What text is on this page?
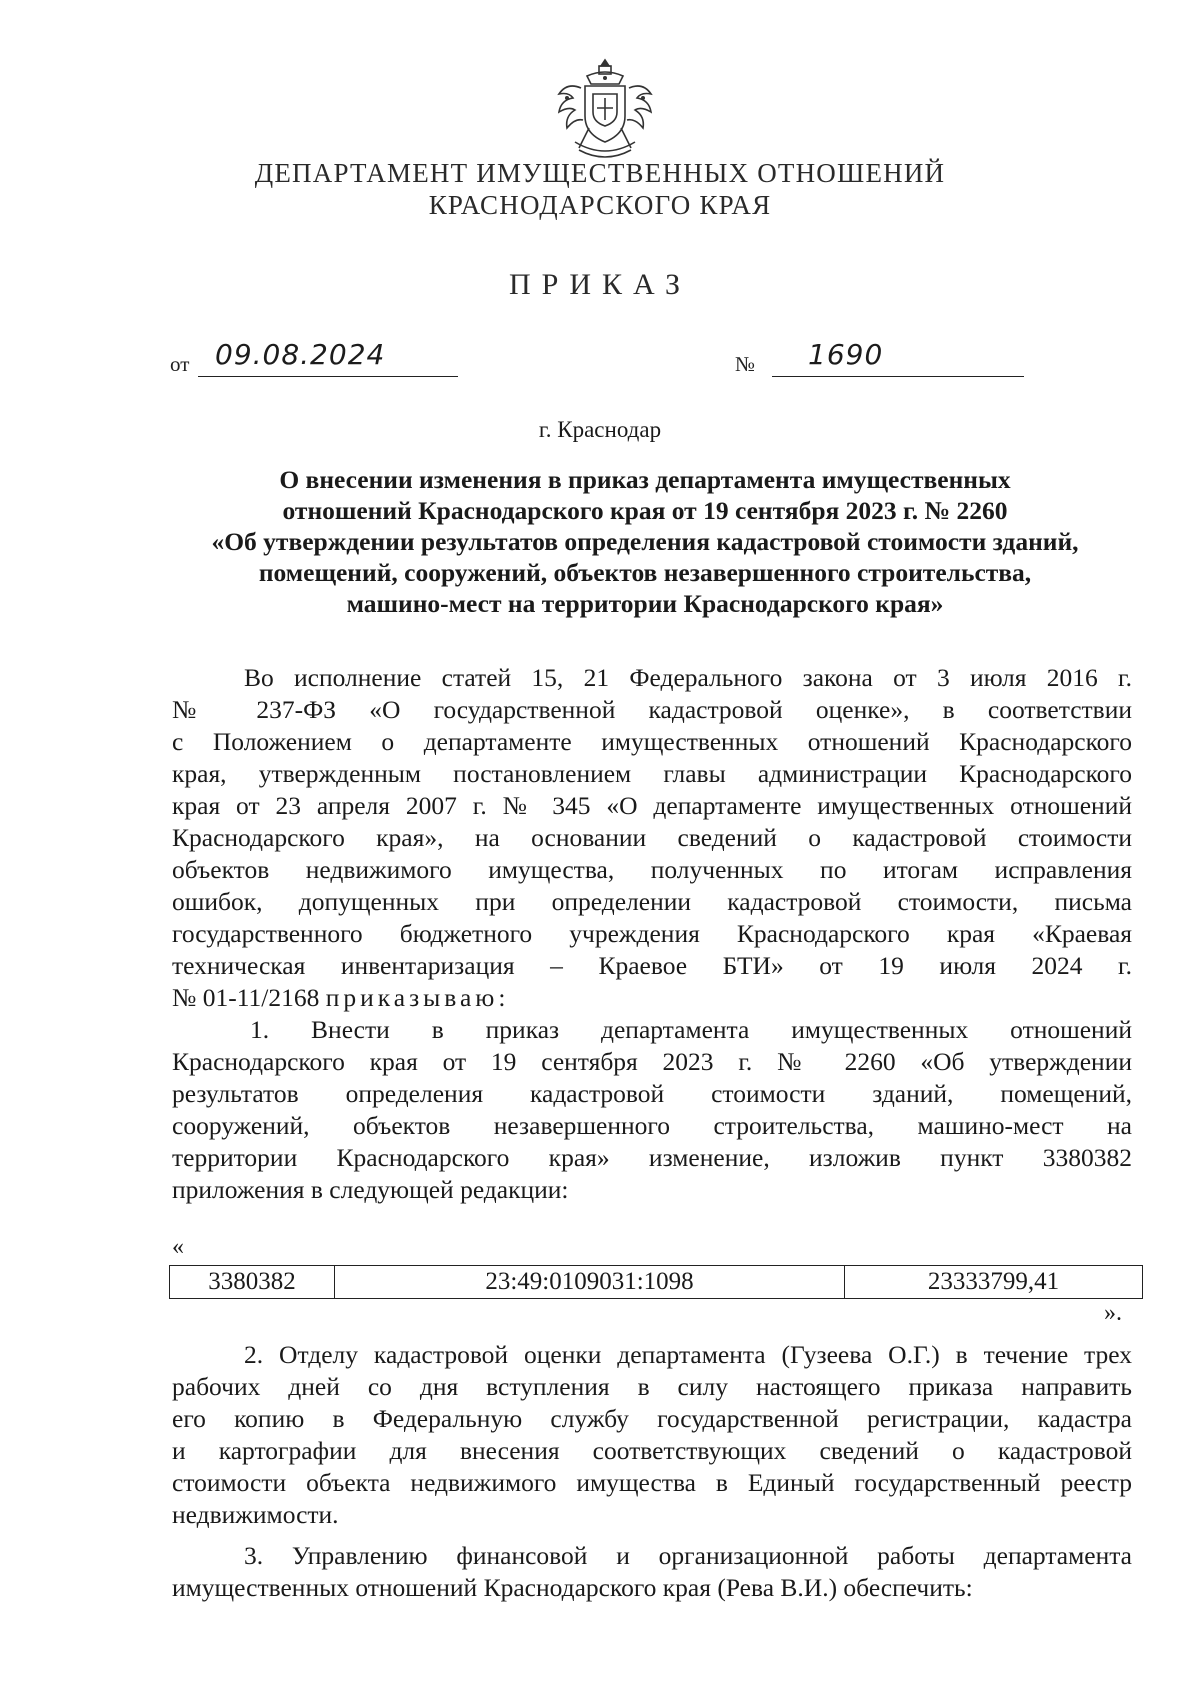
ДЕПАРТАМЕНТ ИМУЩЕСТВЕННЫХ ОТНОШЕНИЙ
КРАСНОДАРСКОГО КРАЯ
ПРИКАЗ
от 09.08.2024	№ 1690
г. Краснодар
О внесении изменения в приказ департамента имущественных
отношений Краснодарского края от 19 сентября 2023 г. № 2260
«Об утверждении результатов определения кадастровой стоимости зданий,
помещений, сооружений, объектов незавершенного строительства,
машино-мест на территории Краснодарского края»
Во исполнение статей 15, 21 Федерального закона от 3 июля 2016 г.
№ 237-ФЗ «О государственной кадастровой оценке», в соответствии
с Положением о департаменте имущественных отношений Краснодарского
края, утвержденным постановлением главы администрации Краснодарского
края от 23 апреля 2007 г. № 345 «О департаменте имущественных отношений
Краснодарского края», на основании сведений о кадастровой стоимости
объектов недвижимого имущества, полученных по итогам исправления
ошибок, допущенных при определении кадастровой стоимости, письма
государственного бюджетного учреждения Краснодарского края «Краевая
техническая инвентаризация – Краевое БТИ» от 19 июля 2024 г.
№ 01-11/2168 приказываю:
1. Внести в приказ департамента имущественных отношений
Краснодарского края от 19 сентября 2023 г. № 2260 «Об утверждении
результатов определения кадастровой стоимости зданий, помещений,
сооружений, объектов незавершенного строительства, машино-мест на
территории Краснодарского края» изменение, изложив пункт 3380382
приложения в следующей редакции:
«
3380382	23:49:0109031:1098	23333799,41
».
2. Отделу кадастровой оценки департамента (Гузеева О.Г.) в течение трех
рабочих дней со дня вступления в силу настоящего приказа направить
его копию в Федеральную службу государственной регистрации, кадастра
и картографии для внесения соответствующих сведений о кадастровой
стоимости объекта недвижимого имущества в Единый государственный реестр
недвижимости.
3. Управлению финансовой и организационной работы департамента
имущественных отношений Краснодарского края (Рева В.И.) обеспечить:
